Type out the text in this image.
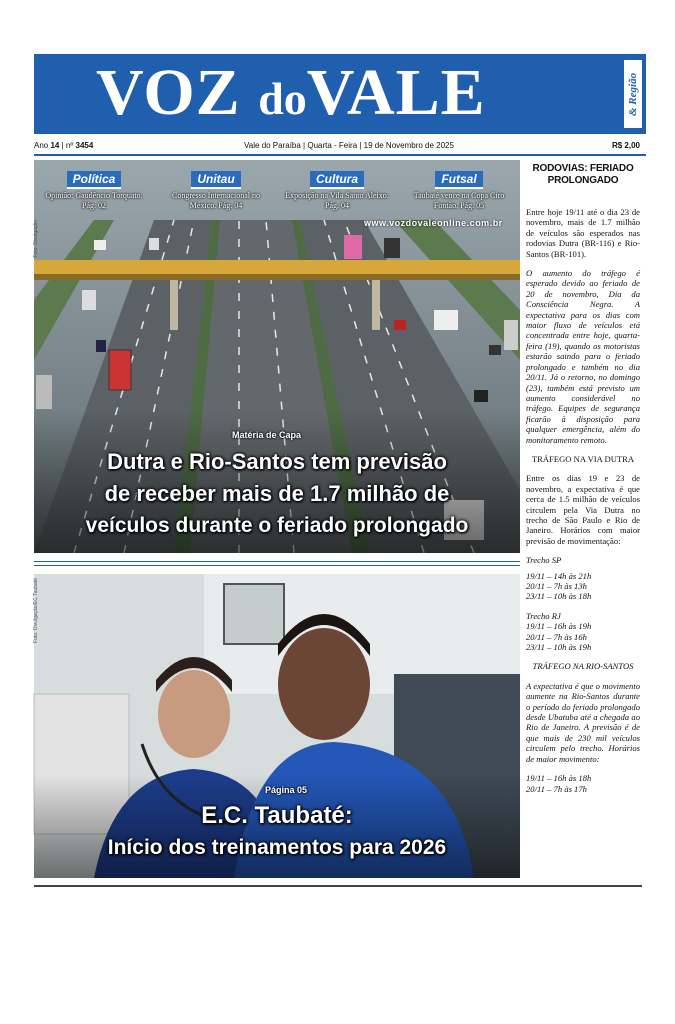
VOZ doVALE	& Região
Ano 14 | nº 3454	Vale do Paraíba | Quarta - Feira | 19 de Novembro de 2025	R$ 2,00
Política
Opinião: Gaudêncio Torquato. Pág. 02
Unitau
Congresso Internacional no México. Pág. 04
Cultura
Exposição na Vila Santo Aleixo. Pág. 04
Futsal
Taubaté vence na Copa Ciro Fontão. Pág. 05
www.vozdovaleonline.com.br
Foto: Divulgação
Matéria de Capa
Dutra e Rio-Santos tem previsão
de receber mais de 1.7 milhão de
veículos durante o feriado prolongado
Foto: Divulgação/EC Taubaté
Página 05
E.C. Taubaté:
Início dos treinamentos para 2026
RODOVIAS: FERIADO PROLONGADO

Entre hoje 19/11 até o dia 23 de novembro, mais de 1.7 milhão de veículos são esperados nas rodovias Dutra (BR-116) e Rio-Santos (BR-101).

O aumento do tráfego é esperado devido ao feriado de 20 de novembro, Dia da Consciência Negra. A expectativa para os dias com maior fluxo de veículos etá concentrada entre hoje, quarta-feira (19), quando os motoristas estarão saindo para o feriado prolongado e também no dia 20/11. Já o retorno, no domingo (23), também está previsto um aumento considerável no tráfego. Equipes de segurança ficarão à disposição para qualquer emergência, além do monitoramento remoto.

TRÁFEGO NA VIA DUTRA

Entre os dias 19 e 23 de novembro, a expectativa é que cerca de 1.5 milhão de veículos circulem pela Via Dutra no trecho de São Paulo e Rio de Janeiro. Horários com maior previsão de movimentação:

Trecho SP
19/11 – 14h às 21h
20/11 – 7h às 13h
23/11 – 10h às 18h
Trecho RJ
19/11 – 16h às 19h
20/11 – 7h às 16h
23/11 – 10h às 19h
TRÁFEGO NA RIO-SANTOS

A expectativa é que o movimento aumente na Rio-Santos durante o período do feriado prolongado desde Ubatuba até a chegada ao Rio de Janeiro. A previsão é de que mais de 230 mil veículos circulem pelo trecho. Horários de maior movimento:

19/11 – 16h às 18h
20/11 – 7h às 17h
